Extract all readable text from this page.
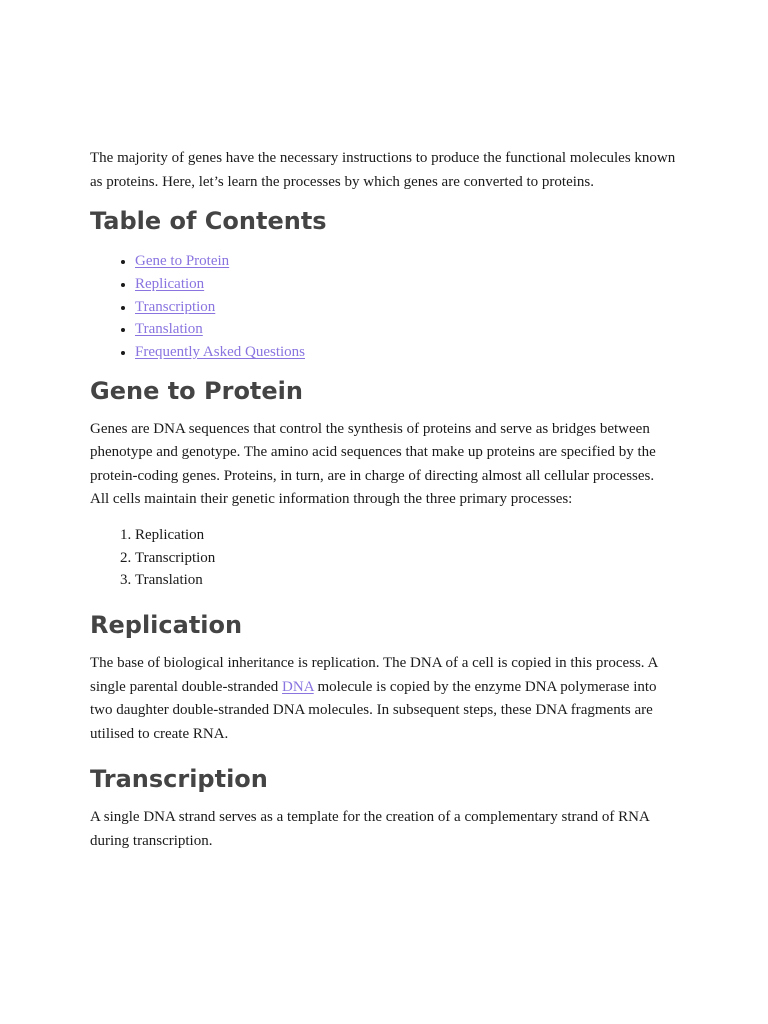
The majority of genes have the necessary instructions to produce the functional molecules known as proteins. Here, let’s learn the processes by which genes are converted to proteins.

Table of Contents
• Gene to Protein
• Replication
• Transcription
• Translation
• Frequently Asked Questions
Gene to Protein

Genes are DNA sequences that control the synthesis of proteins and serve as bridges between phenotype and genotype. The amino acid sequences that make up proteins are specified by the protein-coding genes. Proteins, in turn, are in charge of directing almost all cellular processes. All cells maintain their genetic information through the three primary processes:

1. Replication
2. Transcription
3. Translation
Replication

The base of biological inheritance is replication. The DNA of a cell is copied in this process. A single parental double-stranded DNA molecule is copied by the enzyme DNA polymerase into two daughter double-stranded DNA molecules. In subsequent steps, these DNA fragments are utilised to create RNA.

Transcription

A single DNA strand serves as a template for the creation of a complementary strand of RNA during transcription.
